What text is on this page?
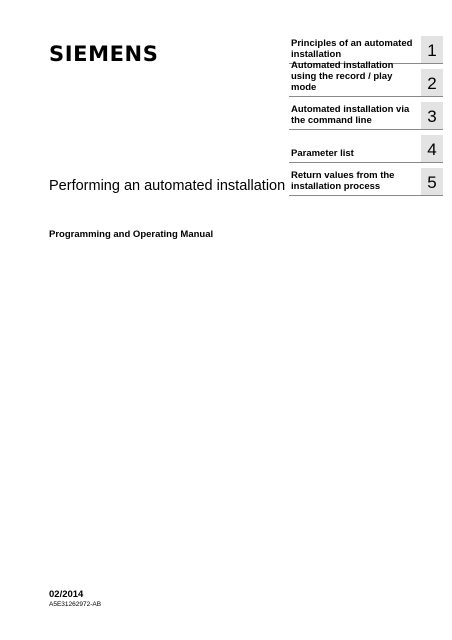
SIEMENS	Principles of an automated installation	1
Automated installation using the record / play mode	2
Automated installation via the command line	3
Parameter list	4
Return values from the installation process	5
Performing an automated installation
Programming and Operating Manual
02/2014
A5E31262972-AB
